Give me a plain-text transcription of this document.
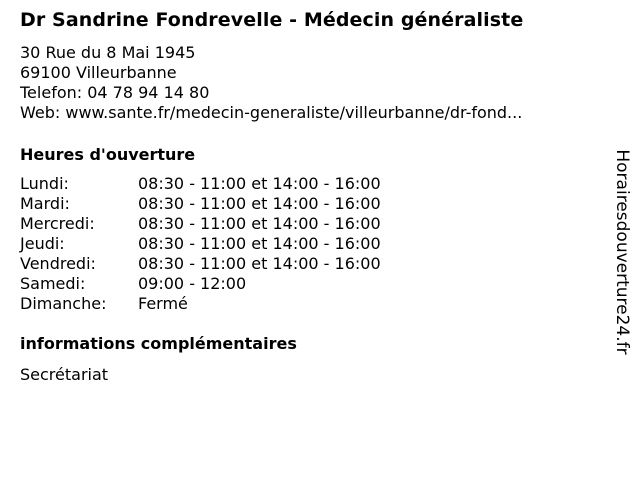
Dr Sandrine Fondrevelle - Médecin généraliste
30 Rue du 8 Mai 1945
69100 Villeurbanne
Telefon: 04 78 94 14 80
Web: www.sante.fr/medecin-generaliste/villeurbanne/dr-fond...
Heures d'ouverture
Lundi:	08:30 - 11:00 et 14:00 - 16:00
Mardi:	08:30 - 11:00 et 14:00 - 16:00
Mercredi:	08:30 - 11:00 et 14:00 - 16:00
Jeudi:	08:30 - 11:00 et 14:00 - 16:00
Vendredi:	08:30 - 11:00 et 14:00 - 16:00
Samedi:	09:00 - 12:00
Dimanche: Fermé
informations complémentaires
Secrétariat
Horairesdouverture24.fr
